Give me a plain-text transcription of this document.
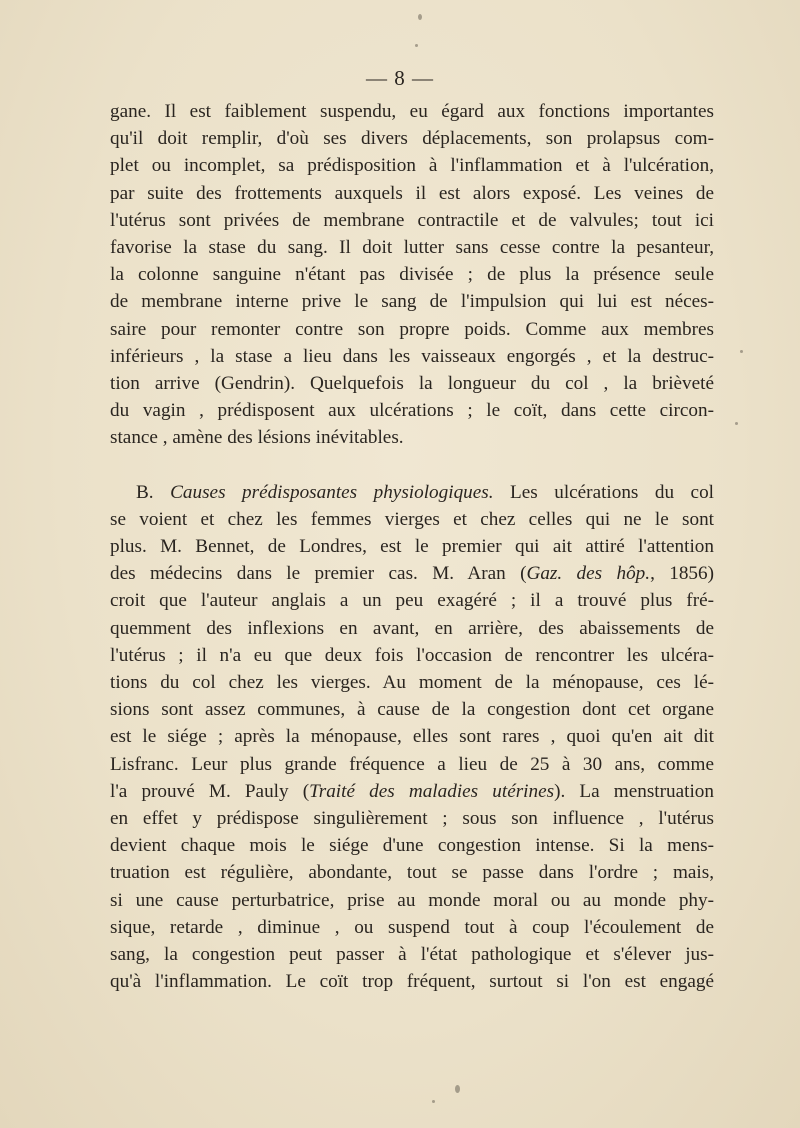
— 8 —

gane. Il est faiblement suspendu, eu égard aux fonctions importantes
qu'il doit remplir, d'où ses divers déplacements, son prolapsus com-
plet ou incomplet, sa prédisposition à l'inflammation et à l'ulcération,
par suite des frottements auxquels il est alors exposé. Les veines de
l'utérus sont privées de membrane contractile et de valvules; tout ici
favorise la stase du sang. Il doit lutter sans cesse contre la pesanteur,
la colonne sanguine n'étant pas divisée ; de plus la présence seule
de membrane interne prive le sang de l'impulsion qui lui est néces-
saire pour remonter contre son propre poids. Comme aux membres
inférieurs , la stase a lieu dans les vaisseaux engorgés , et la destruc-
tion arrive (Gendrin). Quelquefois la longueur du col , la brièveté
du vagin , prédisposent aux ulcérations ; le coït, dans cette circon-
stance , amène des lésions inévitables.

B. Causes prédisposantes physiologiques. Les ulcérations du col
se voient et chez les femmes vierges et chez celles qui ne le sont
plus. M. Bennet, de Londres, est le premier qui ait attiré l'attention
des médecins dans le premier cas. M. Aran (Gaz. des hôp., 1856)
croit que l'auteur anglais a un peu exagéré ; il a trouvé plus fré-
quemment des inflexions en avant, en arrière, des abaissements de
l'utérus ; il n'a eu que deux fois l'occasion de rencontrer les ulcéra-
tions du col chez les vierges. Au moment de la ménopause, ces lé-
sions sont assez communes, à cause de la congestion dont cet organe
est le siége ; après la ménopause, elles sont rares , quoi qu'en ait dit
Lisfranc. Leur plus grande fréquence a lieu de 25 à 30 ans, comme
l'a prouvé M. Pauly (Traité des maladies utérines). La menstruation
en effet y prédispose singulièrement ; sous son influence , l'utérus
devient chaque mois le siége d'une congestion intense. Si la mens-
truation est régulière, abondante, tout se passe dans l'ordre ; mais,
si une cause perturbatrice, prise au monde moral ou au monde phy-
sique, retarde , diminue , ou suspend tout à coup l'écoulement de
sang, la congestion peut passer à l'état pathologique et s'élever jus-
qu'à l'inflammation. Le coït trop fréquent, surtout si l'on est engagé
